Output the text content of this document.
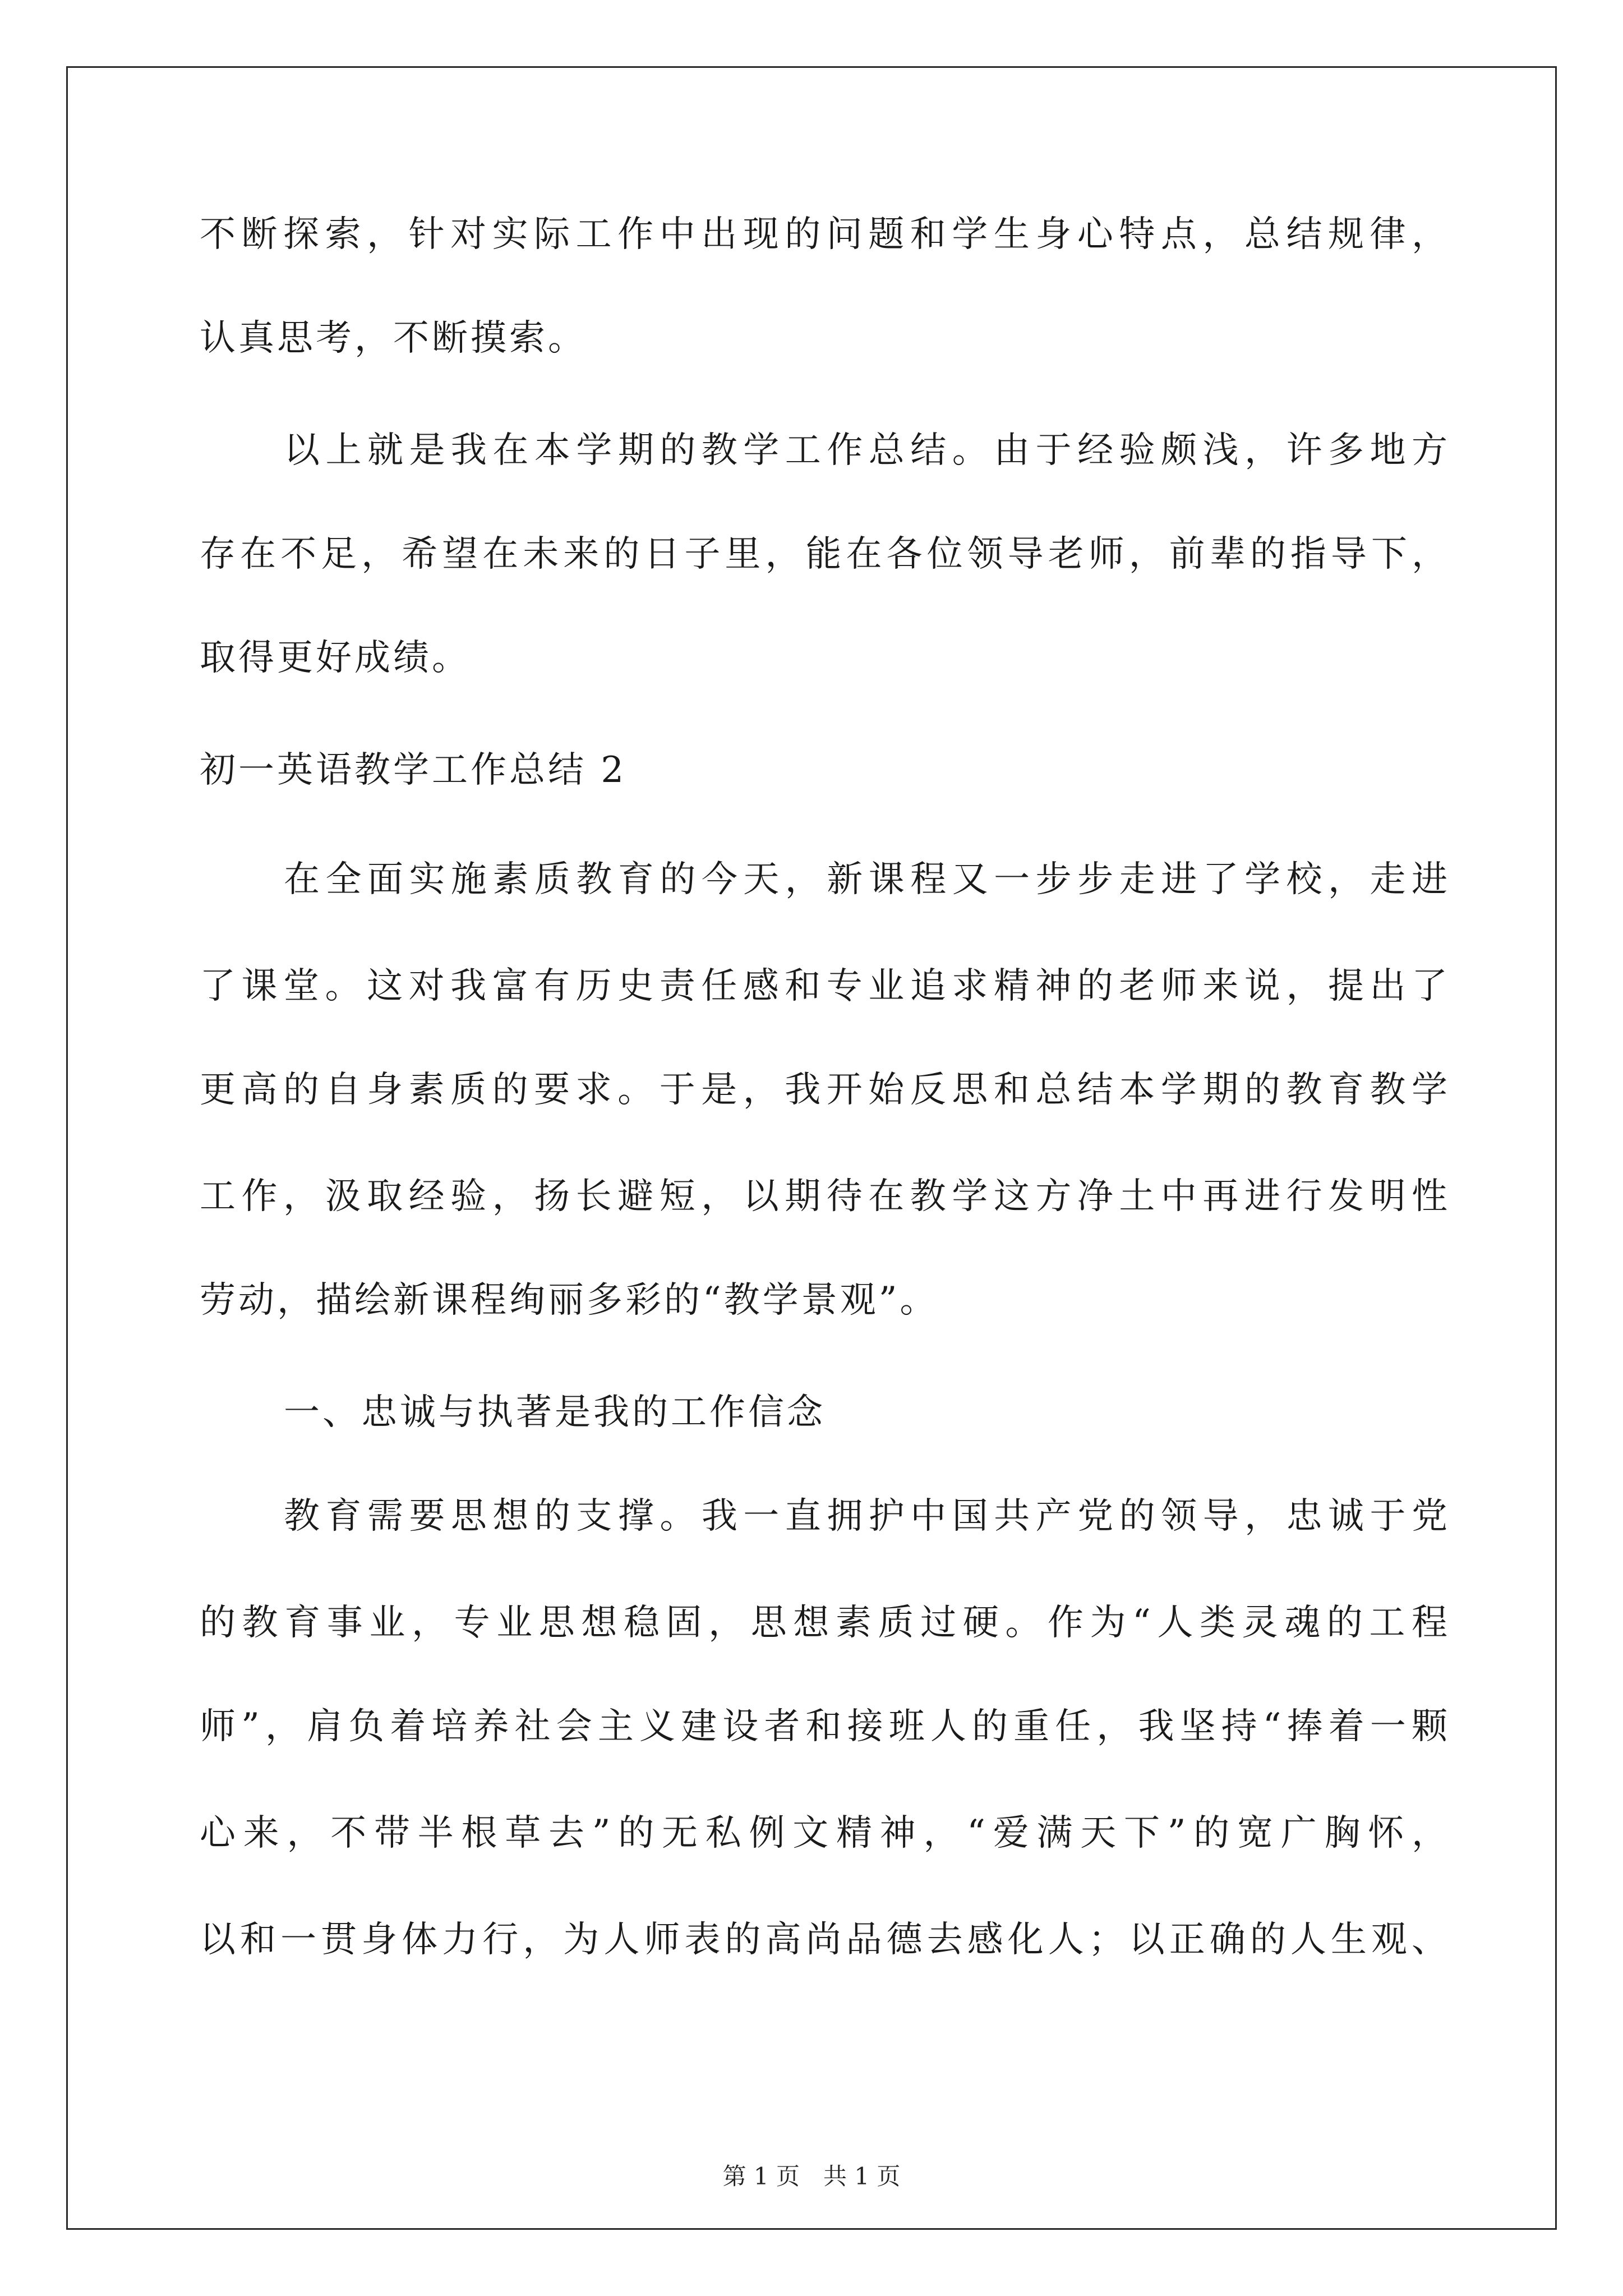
不断探索，针对实际工作中出现的问题和学生身心特点，总结规律，
认真思考，不断摸索。
以上就是我在本学期的教学工作总结。由于经验颇浅，许多地方
存在不足，希望在未来的日子里，能在各位领导老师，前辈的指导下，
取得更好成绩。
初一英语教学工作总结 2
在全面实施素质教育的今天，新课程又一步步走进了学校，走进
了课堂。这对我富有历史责任感和专业追求精神的老师来说，提出了
更高的自身素质的要求。于是，我开始反思和总结本学期的教育教学
工作，汲取经验，扬长避短，以期待在教学这方净土中再进行发明性
劳动，描绘新课程绚丽多彩的“教学景观”。
一、忠诚与执著是我的工作信念
教育需要思想的支撑。我一直拥护中国共产党的领导，忠诚于党
的教育事业，专业思想稳固，思想素质过硬。作为“人类灵魂的工程
师”，肩负着培养社会主义建设者和接班人的重任，我坚持“捧着一颗
心来，不带半根草去”的无私例文精神，“爱满天下”的宽广胸怀，
以和一贯身体力行，为人师表的高尚品德去感化人；以正确的人生观、
第 1 页 共 1 页
